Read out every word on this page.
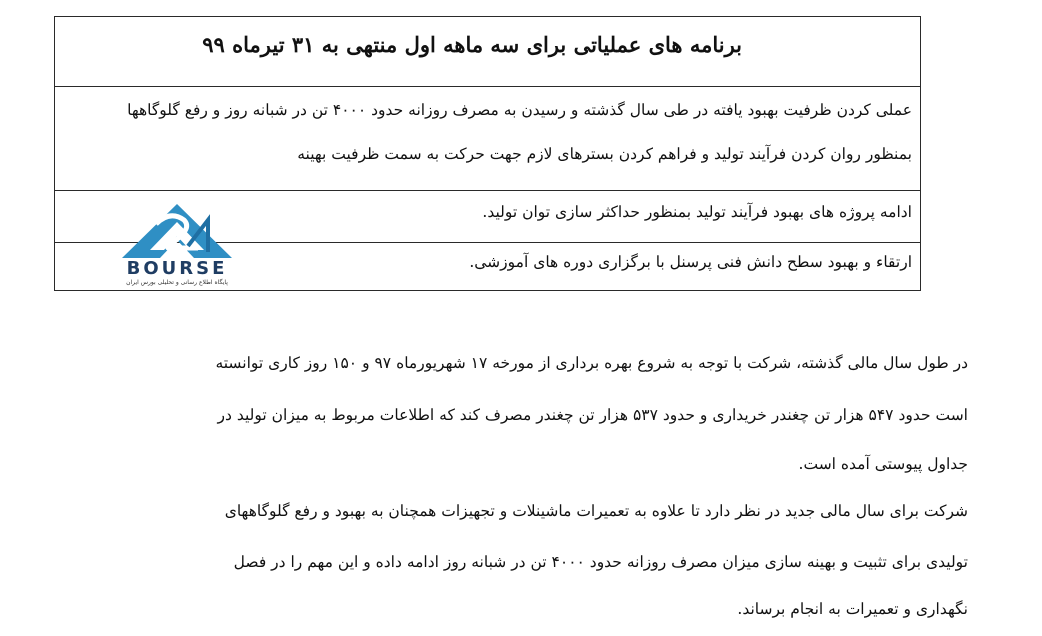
برنامه های عملیاتی برای سه ماهه اول منتهی به ۳۱ تیرماه ۹۹
عملی کردن ظرفیت بهبود یافته در طی سال گذشته و رسیدن به مصرف روزانه حدود ۴۰۰۰ تن در شبانه روز و رفع گلوگاهها
بمنظور روان کردن فرآیند تولید و فراهم کردن بسترهای لازم جهت حرکت به سمت ظرفیت بهینه
ادامه پروژه های بهبود فرآیند تولید بمنظور حداکثر سازی توان تولید.
ارتقاء و بهبود سطح دانش فنی پرسنل با برگزاری دوره های آموزشی.
BOURSE
پایگاه اطلاع رسانی و تحلیلی بورس ایران
در طول سال مالی گذشته، شرکت با توجه به شروع بهره برداری از مورخه ۱۷ شهریورماه ۹۷ و ۱۵۰ روز کاری توانسته
است حدود ۵۴۷ هزار تن چغندر خریداری و حدود ۵۳۷ هزار تن چغندر مصرف کند که اطلاعات مربوط به میزان تولید در
جداول پیوستی آمده است.
شرکت برای سال مالی جدید در نظر دارد تا علاوه به تعمیرات ماشینلات و تجهیزات همچنان به بهبود و رفع گلوگاههای
تولیدی برای تثبیت و بهینه سازی میزان مصرف روزانه حدود ۴۰۰۰ تن در شبانه روز ادامه داده و این مهم را در فصل
نگهداری و تعمیرات به انجام برساند.
